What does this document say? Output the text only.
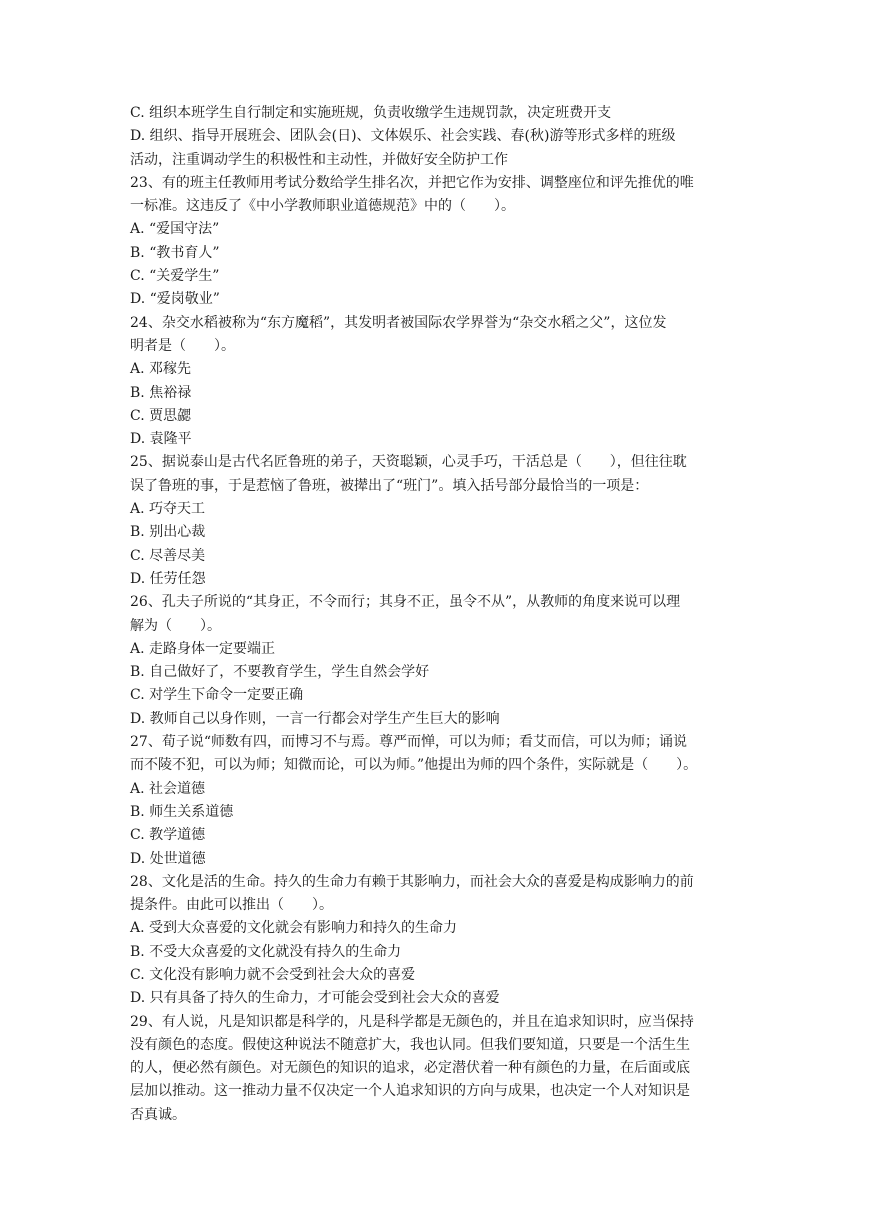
C. 组织本班学生自行制定和实施班规，负责收缴学生违规罚款，决定班费开支
D. 组织、指导开展班会、团队会(日)、文体娱乐、社会实践、春(秋)游等形式多样的班级
活动，注重调动学生的积极性和主动性，并做好安全防护工作
23、有的班主任教师用考试分数给学生排名次，并把它作为安排、调整座位和评先推优的唯
一标准。这违反了《中小学教师职业道德规范》中的（　　）。
A. “爱国守法”
B. “教书育人”
C. “关爱学生”
D. “爱岗敬业”
24、杂交水稻被称为“东方魔稻”，其发明者被国际农学界誉为“杂交水稻之父”，这位发
明者是（　　）。
A. 邓稼先
B. 焦裕禄
C. 贾思勰
D. 袁隆平
25、据说泰山是古代名匠鲁班的弟子，天资聪颖，心灵手巧，干活总是（　　），但往往耽
误了鲁班的事，于是惹恼了鲁班，被撵出了“班门”。填入括号部分最恰当的一项是：
A. 巧夺天工
B. 别出心裁
C. 尽善尽美
D. 任劳任怨
26、孔夫子所说的“其身正，不令而行；其身不正，虽令不从”，从教师的角度来说可以理
解为（　　）。
A. 走路身体一定要端正
B. 自己做好了，不要教育学生，学生自然会学好
C. 对学生下命令一定要正确
D. 教师自己以身作则，一言一行都会对学生产生巨大的影响
27、荀子说“师数有四，而博习不与焉。尊严而惮，可以为师；看艾而信，可以为师；诵说
而不陵不犯，可以为师；知微而论，可以为师。”他提出为师的四个条件，实际就是（　　）。
A. 社会道德
B. 师生关系道德
C. 教学道德
D. 处世道德
28、文化是活的生命。持久的生命力有赖于其影响力，而社会大众的喜爱是构成影响力的前
提条件。由此可以推出（　　）。
A. 受到大众喜爱的文化就会有影响力和持久的生命力
B. 不受大众喜爱的文化就没有持久的生命力
C. 文化没有影响力就不会受到社会大众的喜爱
D. 只有具备了持久的生命力，才可能会受到社会大众的喜爱
29、有人说，凡是知识都是科学的，凡是科学都是无颜色的，并且在追求知识时，应当保持
没有颜色的态度。假使这种说法不随意扩大，我也认同。但我们要知道，只要是一个活生生
的人，便必然有颜色。对无颜色的知识的追求，必定潜伏着一种有颜色的力量，在后面或底
层加以推动。这一推动力量不仅决定一个人追求知识的方向与成果，也决定一个人对知识是
否真诚。
